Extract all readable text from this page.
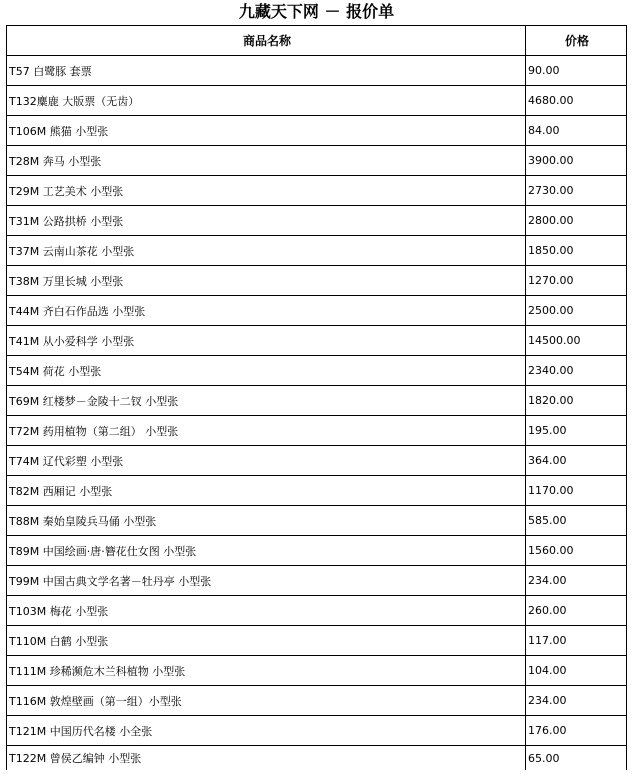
九藏天下网 － 报价单
商品名称	价格
T57 白鹭豚 套票	90.00
T132麋鹿 大版票（无齿）	4680.00
T106M 熊猫 小型张	84.00
T28M 奔马 小型张	3900.00
T29M 工艺美术 小型张	2730.00
T31M 公路拱桥 小型张	2800.00
T37M 云南山茶花 小型张	1850.00
T38M 万里长城 小型张	1270.00
T44M 齐白石作品选 小型张	2500.00
T41M 从小爱科学 小型张	14500.00
T54M 荷花 小型张	2340.00
T69M 红楼梦－金陵十二钗 小型张	1820.00
T72M 药用植物（第二组） 小型张	195.00
T74M 辽代彩塑 小型张	364.00
T82M 西厢记 小型张	1170.00
T88M 秦始皇陵兵马俑 小型张	585.00
T89M 中国绘画·唐·簪花仕女图 小型张	1560.00
T99M 中国古典文学名著－牡丹亭 小型张	234.00
T103M 梅花 小型张	260.00
T110M 白鹤 小型张	117.00
T111M 珍稀濒危木兰科植物 小型张	104.00
T116M 敦煌壁画（第一组）小型张	234.00
T121M 中国历代名楼 小全张	176.00
T122M 曾侯乙编钟 小型张	65.00
